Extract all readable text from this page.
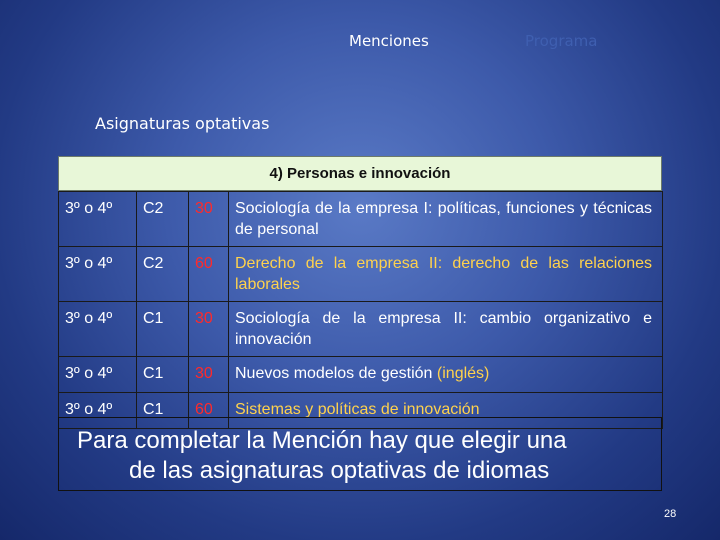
Menciones	Programa
Asignaturas optativas
4) Personas e innovación
3º o 4º	C2	30	Sociología de la empresa I: políticas, funciones y técnicas de personal
3º o 4º	C2	60	Derecho de la empresa II: derecho de las relaciones laborales
3º o 4º	C1	30	Sociología de la empresa II: cambio organizativo e innovación
3º o 4º	C1	30	Nuevos modelos de gestión (inglés)
3º o 4º	C1	60	Sistemas y políticas de innovación
Para completar la Mención hay que elegir una
de las asignaturas optativas de idiomas
28
